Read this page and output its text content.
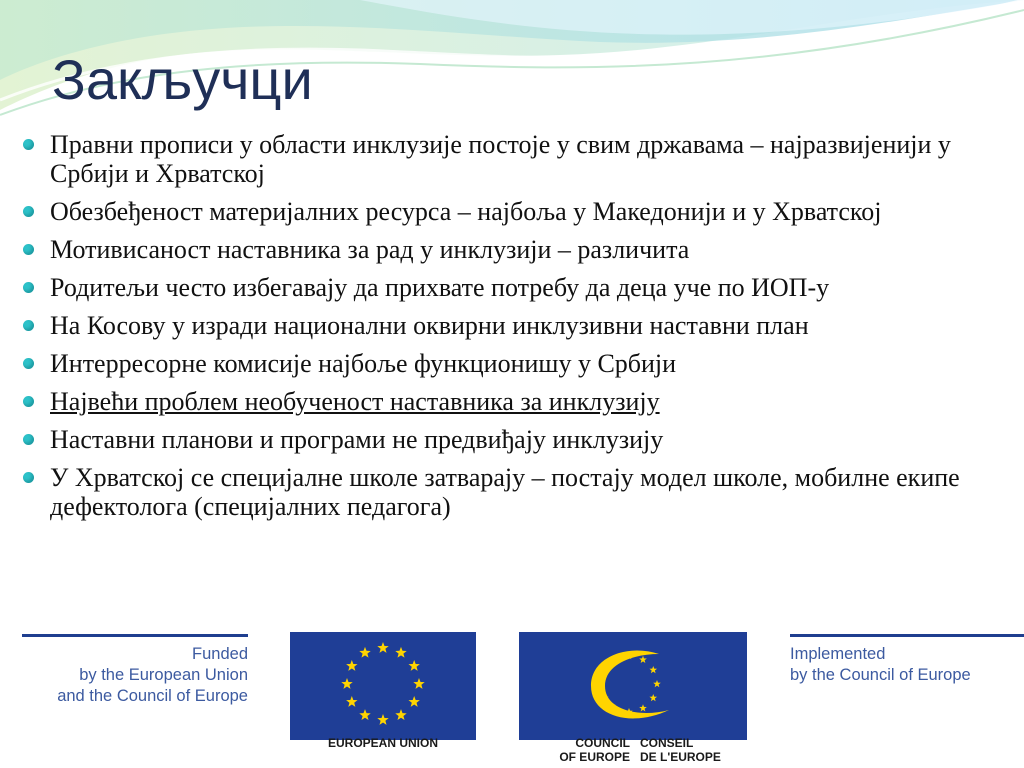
Закључци
Правни прописи у области инклузије постоје у свим државама – најразвијенији у Србији и Хрватској
Обезбеђеност материјалних ресурса – најбоља у Македонији и у Хрватској
Мотивисаност наставника за рад у инклузији – различита
Родитељи често избегавају да прихвате потребу да деца уче по ИОП-у
На Косову у изради национални оквирни инклузивни наставни план
Интерресорне комисије најбоље функционишу у Србији
Највећи проблем необученост наставника за инклузију
Наставни планови и програми не предвиђају инклузију
У Хрватској се специјалне школе затварају – постају модел школе, мобилне екипе дефектолога (специјалних педагога)

Funded
by the European Union
and the Council of Europe

EUROPEAN UNION	COUNCIL
OF EUROPE

CONSEIL
DE L'EUROPE

Implemented
by the Council of Europe
